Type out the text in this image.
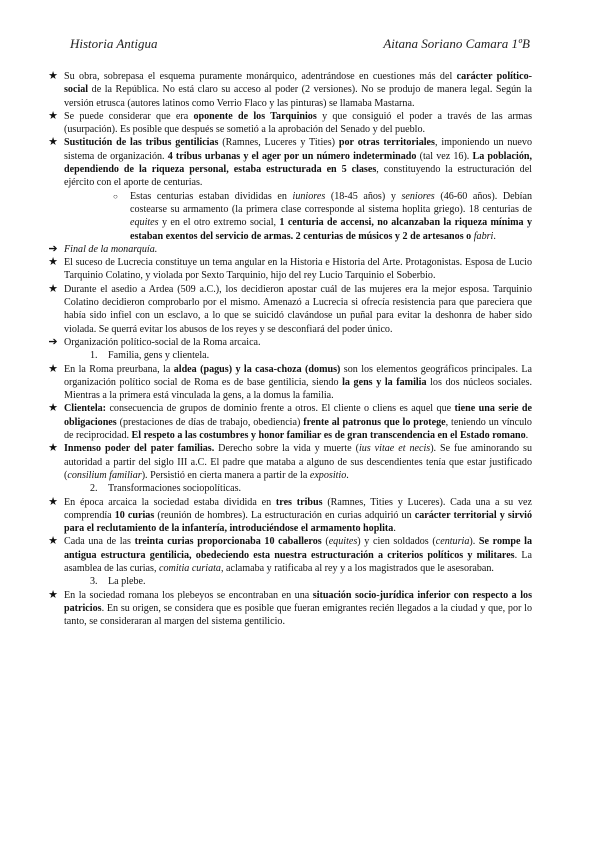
Historia Antigua	Aitana Soriano Camara 1ºB
★ Su obra, sobrepasa el esquema puramente monárquico, adentrándose en cuestiones más del carácter político-social de la República. No está claro su acceso al poder (2 versiones). No se produjo de manera legal. Según la versión etrusca (autores latinos como Verrio Flaco y las pinturas) se llamaba Mastarna.
★ Se puede considerar que era oponente de los Tarquinios y que consiguió el poder a través de las armas (usurpación). Es posible que después se sometió a la aprobación del Senado y del pueblo.
★ Sustitución de las tribus gentilicias (Ramnes, Luceres y Tities) por otras territoriales, imponiendo un nuevo sistema de organización. 4 tribus urbanas y el ager por un número indeterminado (tal vez 16). La población, dependiendo de la riqueza personal, estaba estructurada en 5 clases, constituyendo la estructuración del ejército con el aporte de centurias.
○ Estas centurias estaban divididas en iuniores (18-45 años) y seniores (46-60 años). Debían costearse su armamento (la primera clase corresponde al sistema hoplita griego). 18 centurias de equites y en el otro extremo social, 1 centuria de accensi, no alcanzaban la riqueza mínima y estaban exentos del servicio de armas. 2 centurias de músicos y 2 de artesanos o fabri.
➔ Final de la monarquía.
★ El suceso de Lucrecia constituye un tema angular en la Historia e Historia del Arte. Protagonistas. Esposa de Lucio Tarquinio Colatino, y violada por Sexto Tarquinio, hijo del rey Lucio Tarquinio el Soberbio.
★ Durante el asedio a Ardea (509 a.C.), los decidieron apostar cuál de las mujeres era la mejor esposa. Tarquinio Colatino decidieron comprobarlo por el mismo. Amenazó a Lucrecia si ofrecía resistencia para que pareciera que había sido infiel con un esclavo, a lo que se suicidó clavándose un puñal para evitar la deshonra de haber sido violada. Se querrá evitar los abusos de los reyes y se desconfiará del poder único.
➔ Organización político-social de la Roma arcaica.
1. Familia, gens y clientela.
★ En la Roma preurbana, la aldea (pagus) y la casa-choza (domus) son los elementos geográficos principales. La organización político social de Roma es de base gentilicia, siendo la gens y la familia los dos núcleos sociales. Mientras a la primera está vinculada la gens, a la domus la familia.
★ Clientela: consecuencia de grupos de dominio frente a otros. El cliente o cliens es aquel que tiene una serie de obligaciones (prestaciones de días de trabajo, obediencia) frente al patronus que lo protege, teniendo un vínculo de reciprocidad. El respeto a las costumbres y honor familiar es de gran transcendencia en el Estado romano.
★ Inmenso poder del pater familias. Derecho sobre la vida y muerte (ius vitae et necis). Se fue aminorando su autoridad a partir del siglo III a.C. El padre que mataba a alguno de sus descendientes tenía que estar justificado (consilium familiar). Persistió en cierta manera a partir de la expositio.
2. Transformaciones sociopolíticas.
★ En época arcaica la sociedad estaba dividida en tres tribus (Ramnes, Tities y Luceres). Cada una a su vez comprendía 10 curias (reunión de hombres). La estructuración en curias adquirió un carácter territorial y sirvió para el reclutamiento de la infantería, introduciéndose el armamento hoplita.
★ Cada una de las treinta curias proporcionaba 10 caballeros (equites) y cien soldados (centuria). Se rompe la antigua estructura gentilicia, obedeciendo esta nuestra estructuración a criterios políticos y militares. La asamblea de las curias, comitia curiata, aclamaba y ratificaba al rey y a los magistrados que le asesoraban.
3. La plebe.
★ En la sociedad romana los plebeyos se encontraban en una situación socio-jurídica inferior con respecto a los patricios. En su origen, se considera que es posible que fueran emigrantes recién llegados a la ciudad y que, por lo tanto, se consideraran al margen del sistema gentilicio.
